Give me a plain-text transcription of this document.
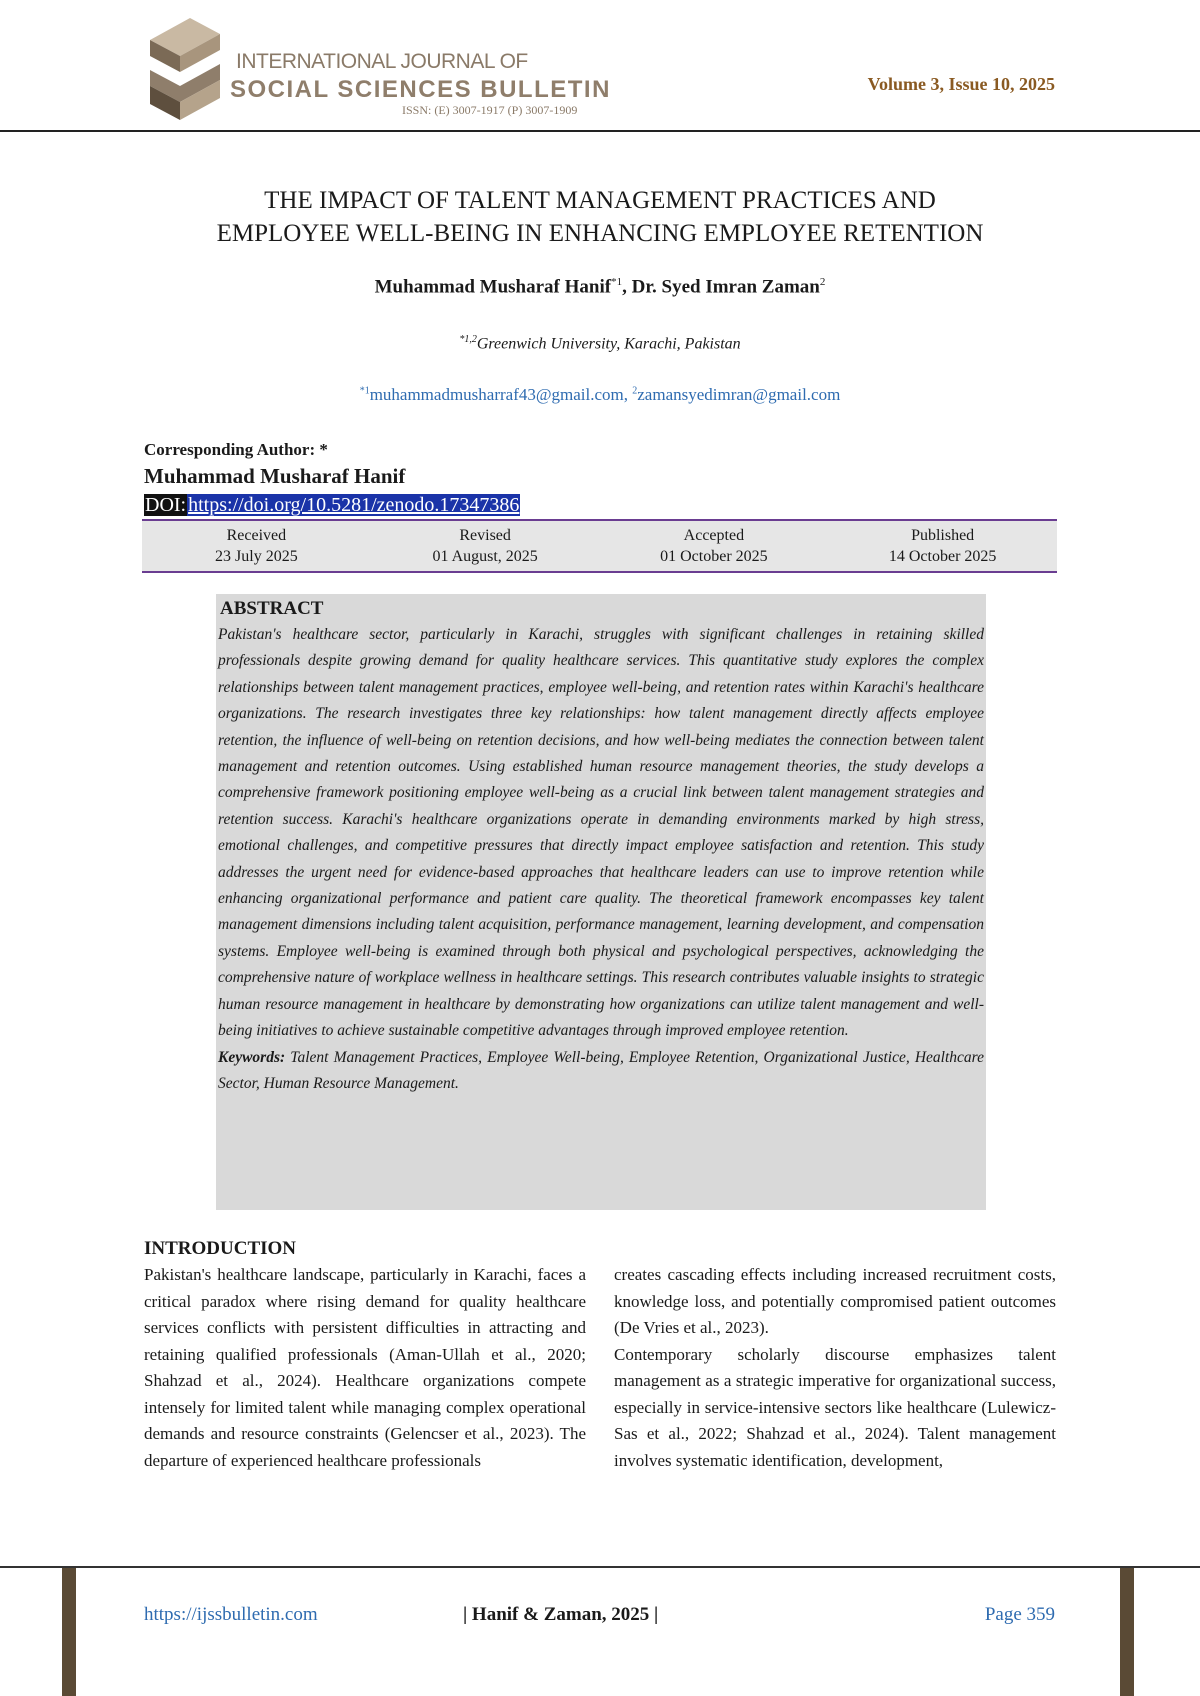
INTERNATIONAL JOURNAL OF
SOCIAL SCIENCES BULLETIN
ISSN: (E) 3007-1917 (P) 3007-1909
Volume 3, Issue 10, 2025
THE IMPACT OF TALENT MANAGEMENT PRACTICES AND
EMPLOYEE WELL-BEING IN ENHANCING EMPLOYEE RETENTION
Muhammad Musharaf Hanif$^{*1}$, Dr. Syed Imran Zaman$^2$
$^{*1,2}$Greenwich University, Karachi, Pakistan
$^{*1}$muhammadmusharraf43@gmail.com, $^2$zamansyedimran@gmail.com
Corresponding Author: *
Muhammad Musharaf Hanif
DOI: https://doi.org/10.5281/zenodo.17347386
Received
23 July 2025
Revised
01 August, 2025
Accepted
01 October 2025
Published
14 October 2025
ABSTRACT
Pakistan's healthcare sector, particularly in Karachi, struggles with significant challenges in retaining skilled professionals despite growing demand for quality healthcare services. This quantitative study explores the complex relationships between talent management practices, employee well-being, and retention rates within Karachi's healthcare organizations. The research investigates three key relationships: how talent management directly affects employee retention, the influence of well-being on retention decisions, and how well-being mediates the connection between talent management and retention outcomes. Using established human resource management theories, the study develops a comprehensive framework positioning employee well-being as a crucial link between talent management strategies and retention success. Karachi's healthcare organizations operate in demanding environments marked by high stress, emotional challenges, and competitive pressures that directly impact employee satisfaction and retention. This study addresses the urgent need for evidence-based approaches that healthcare leaders can use to improve retention while enhancing organizational performance and patient care quality. The theoretical framework encompasses key talent management dimensions including talent acquisition, performance management, learning development, and compensation systems. Employee well-being is examined through both physical and psychological perspectives, acknowledging the comprehensive nature of workplace wellness in healthcare settings. This research contributes valuable insights to strategic human resource management in healthcare by demonstrating how organizations can utilize talent management and well-being initiatives to achieve sustainable competitive advantages through improved employee retention.
Keywords: Talent Management Practices, Employee Well-being, Employee Retention, Organizational Justice, Healthcare Sector, Human Resource Management.
INTRODUCTION

Pakistan's healthcare landscape, particularly in Karachi, faces a critical paradox where rising demand for quality healthcare services conflicts with persistent difficulties in attracting and retaining qualified professionals (Aman-Ullah et al., 2020; Shahzad et al., 2024). Healthcare organizations compete intensely for limited talent while managing complex operational demands and resource constraints (Gelencser et al., 2023). The departure of experienced healthcare professionals

creates cascading effects including increased recruitment costs, knowledge loss, and potentially compromised patient outcomes (De Vries et al., 2023).

Contemporary scholarly discourse emphasizes talent management as a strategic imperative for organizational success, especially in service-intensive sectors like healthcare (Lulewicz-Sas et al., 2022; Shahzad et al., 2024). Talent management involves systematic identification, development,

https://ijssbulletin.com	| Hanif & Zaman, 2025 |	Page 359
